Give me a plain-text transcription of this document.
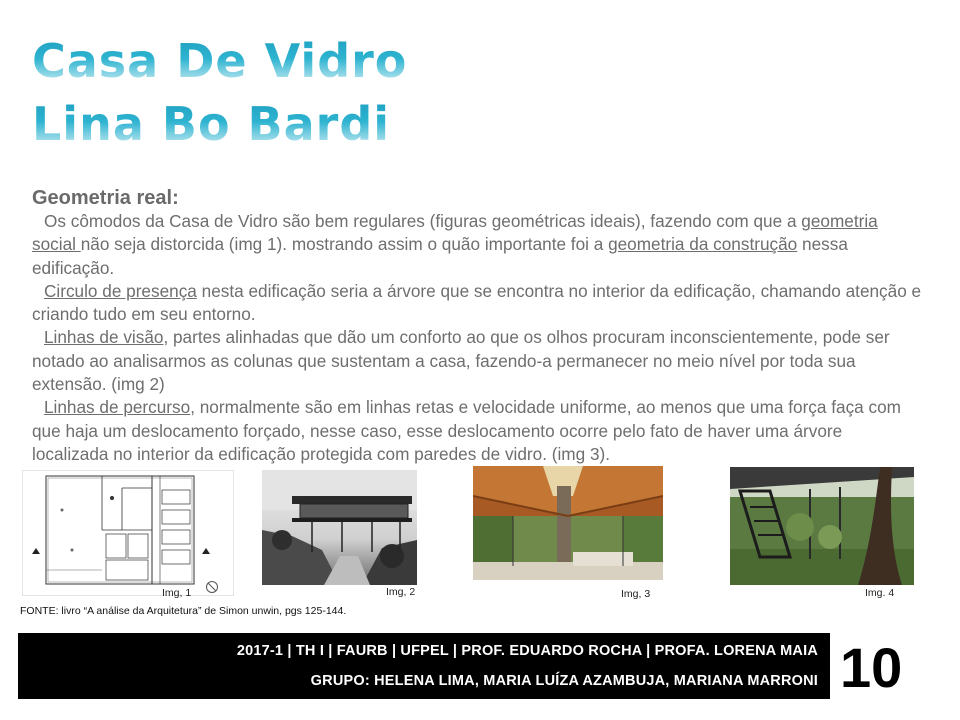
Casa De Vidro
Lina Bo Bardi
Geometria real:

Os cômodos da Casa de Vidro são bem regulares (figuras geométricas ideais), fazendo com que a geometria social não seja distorcida (img 1). mostrando assim o quão importante foi a geometria da construção nessa edificação.

Circulo de presença nesta edificação seria a árvore que se encontra no interior da edificação, chamando atenção e criando tudo em seu entorno.

Linhas de visão, partes alinhadas que dão um conforto ao que os olhos procuram inconscientemente, pode ser notado ao analisarmos as colunas que sustentam a casa, fazendo-a permanecer no meio nível por toda sua extensão. (img 2)

Linhas de percurso, normalmente são em linhas retas e velocidade uniforme, ao menos que uma força faça com que haja um deslocamento forçado, nesse caso, esse deslocamento ocorre pelo fato de haver uma árvore localizada no interior da edificação protegida com paredes de vidro. (img 3).

Img, 1	Img, 2	Img, 3	Img. 4
FONTE: livro “A análise da Arquitetura” de Simon unwin, pgs 125-144.
2017-1 | TH I | FAURB | UFPEL | PROF. EDUARDO ROCHA | PROFA. LORENA MAIA
GRUPO: HELENA LIMA, MARIA LUÍZA AZAMBUJA, MARIANA MARRONI 10
